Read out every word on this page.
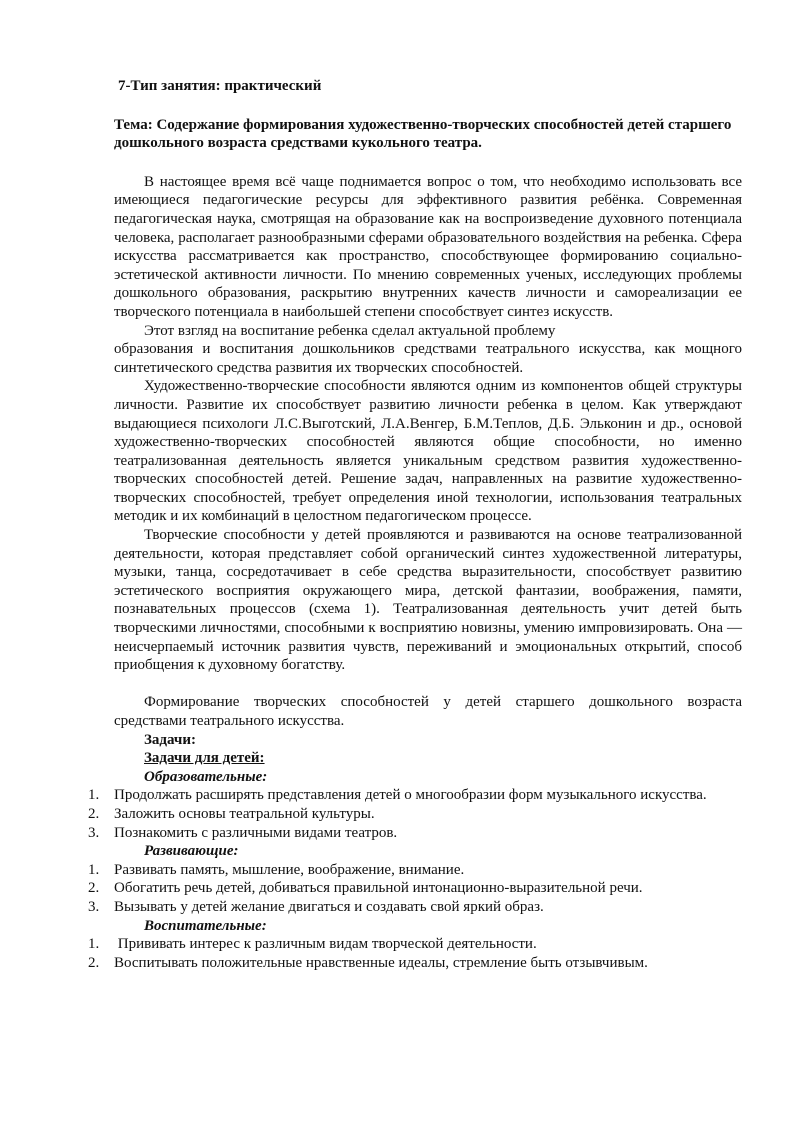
7-Тип занятия: практический

Тема: Содержание формирования художественно-творческих способностей детей старшего дошкольного возраста средствами кукольного театра.

В настоящее время всё чаще поднимается вопрос о том, что необходимо использовать все имеющиеся педагогические ресурсы для эффективного развития ребёнка. Современная педагогическая наука, смотрящая на образование как на воспроизведение духовного потенциала человека, располагает разнообразными сферами образовательного воздействия на ребенка. Сфера искусства рассматривается как пространство, способствующее формированию социально-эстетической активности личности. По мнению современных ученых, исследующих проблемы дошкольного образования, раскрытию внутренних качеств личности и самореализации ее творческого потенциала в наибольшей степени способствует синтез искусств.

Этот взгляд на воспитание ребенка сделал актуальной проблему

образования и воспитания дошкольников средствами театрального искусства, как мощного синтетического средства развития их творческих способностей.

Художественно-творческие способности являются одним из компонентов общей структуры личности. Развитие их способствует развитию личности ребенка в целом. Как утверждают выдающиеся психологи Л.С.Выготский, Л.А.Венгер, Б.М.Теплов, Д.Б. Эльконин и др., основой художественно-творческих способностей являются общие способности, но именно театрализованная деятельность является уникальным средством развития художественно-творческих способностей детей. Решение задач, направленных на развитие художественно-творческих способностей, требует определения иной технологии, использования театральных методик и их комбинаций в целостном педагогическом процессе.

Творческие способности у детей проявляются и развиваются на основе театрализованной деятельности, которая представляет собой органический синтез художественной литературы, музыки, танца, сосредотачивает в себе средства выразительности, способствует развитию эстетического восприятия окружающего мира, детской фантазии, воображения, памяти, познавательных процессов (схема 1). Театрализованная деятельность учит детей быть творческими личностями, способными к восприятию новизны, умению импровизировать. Она — неисчерпаемый источник развития чувств, переживаний и эмоциональных открытий, способ приобщения к духовному богатству.

Формирование творческих способностей у детей старшего дошкольного возраста средствами театрального искусства.

Задачи:

Задачи для детей:

Образовательные:

1. Продолжать расширять представления детей о многообразии форм музыкального искусства.
2. Заложить основы театральной культуры.
3. Познакомить с различными видами театров.

Развивающие:

1. Развивать память, мышление, воображение, внимание.
2. Обогатить речь детей, добиваться правильной интонационно-выразительной речи.
3. Вызывать у детей желание двигаться и создавать свой яркий образ.

Воспитательные:

1. Прививать интерес к различным видам творческой деятельности.
2. Воспитывать положительные нравственные идеалы, стремление быть отзывчивым.
